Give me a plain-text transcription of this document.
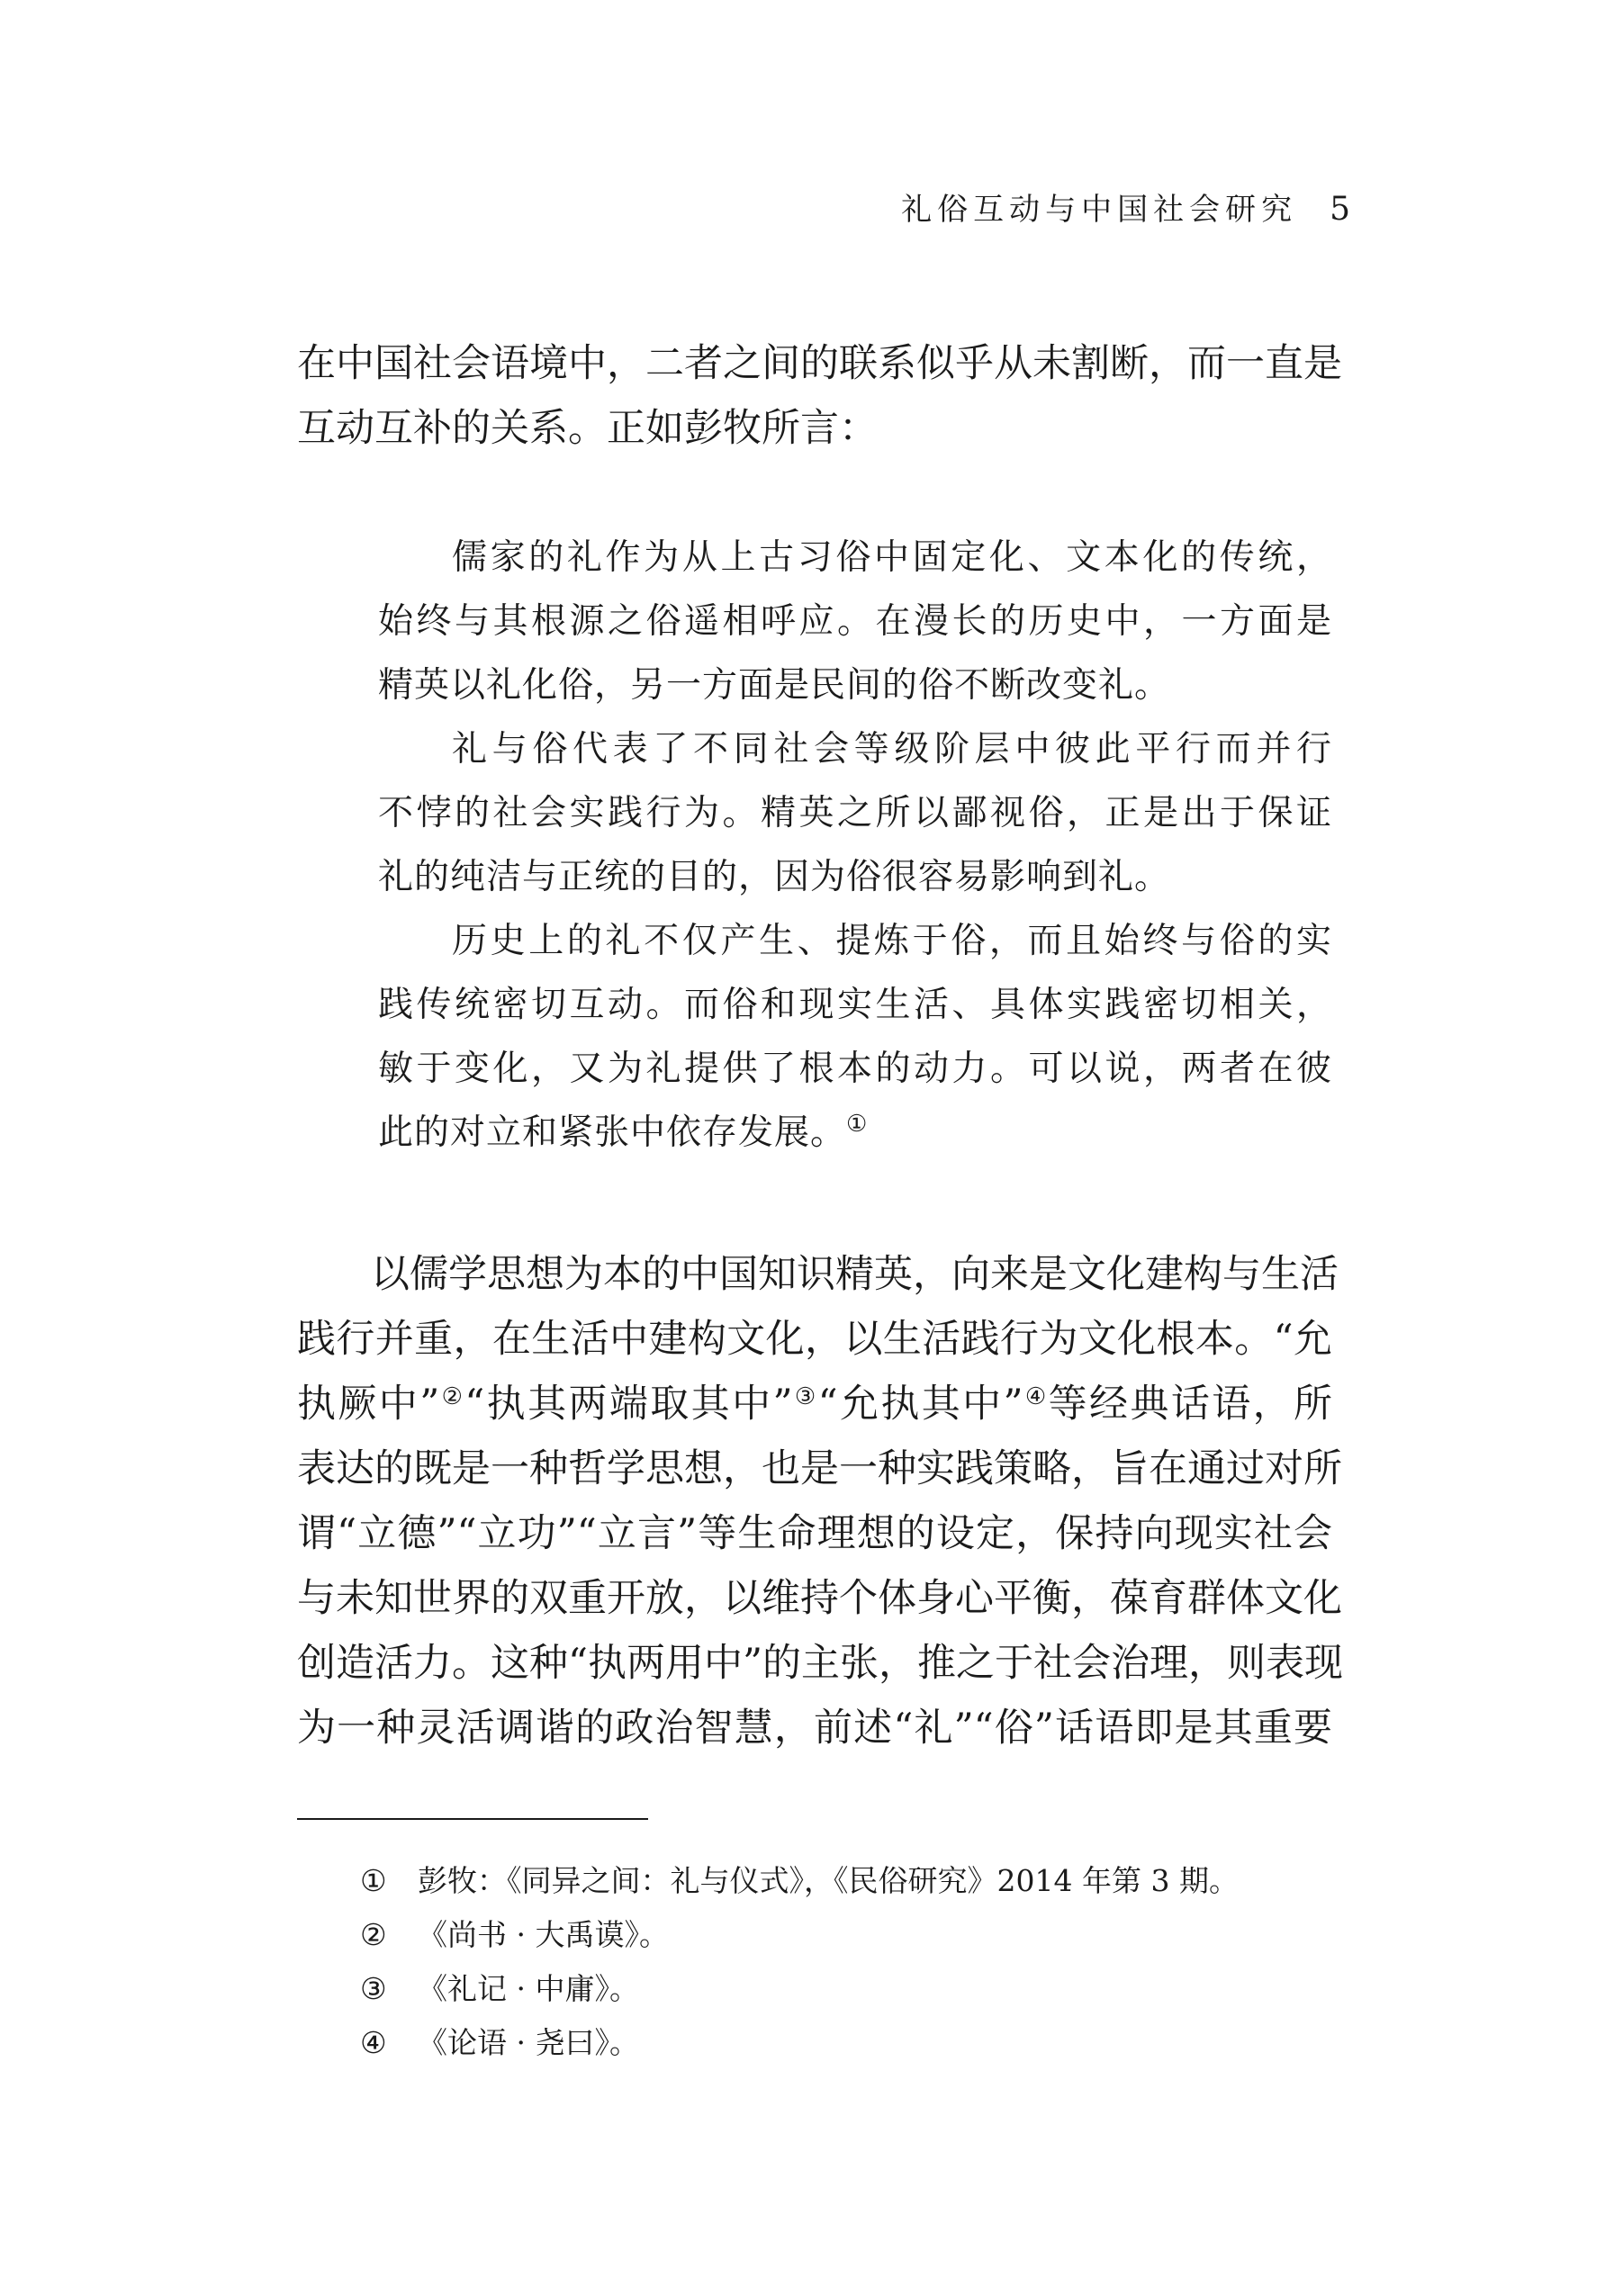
礼俗互动与中国社会研究 5
在中国社会语境中，二者之间的联系似乎从未割断，而一直是
互动互补的关系。正如彭牧所言：
儒家的礼作为从上古习俗中固定化、文本化的传统，
始终与其根源之俗遥相呼应。在漫长的历史中，一方面是
精英以礼化俗，另一方面是民间的俗不断改变礼。
礼与俗代表了不同社会等级阶层中彼此平行而并行
不悖的社会实践行为。精英之所以鄙视俗，正是出于保证
礼的纯洁与正统的目的，因为俗很容易影响到礼。
历史上的礼不仅产生、提炼于俗，而且始终与俗的实
践传统密切互动。而俗和现实生活、具体实践密切相关，
敏于变化，又为礼提供了根本的动力。可以说，两者在彼
此的对立和紧张中依存发展。①
以儒学思想为本的中国知识精英，向来是文化建构与生活
践行并重，在生活中建构文化，以生活践行为文化根本。“允
执厥中”②“执其两端取其中”③“允执其中”④等经典话语，所
表达的既是一种哲学思想，也是一种实践策略，旨在通过对所
谓“立德”“立功”“立言”等生命理想的设定，保持向现实社会
与未知世界的双重开放，以维持个体身心平衡，葆育群体文化
创造活力。这种“执两用中”的主张，推之于社会治理，则表现
为一种灵活调谐的政治智慧，前述“礼”“俗”话语即是其重要
① 彭牧：《同异之间：礼与仪式》，《民俗研究》2014 年第 3 期。
② 《尚书 · 大禹谟》。
③ 《礼记 · 中庸》。
④ 《论语 · 尧曰》。
